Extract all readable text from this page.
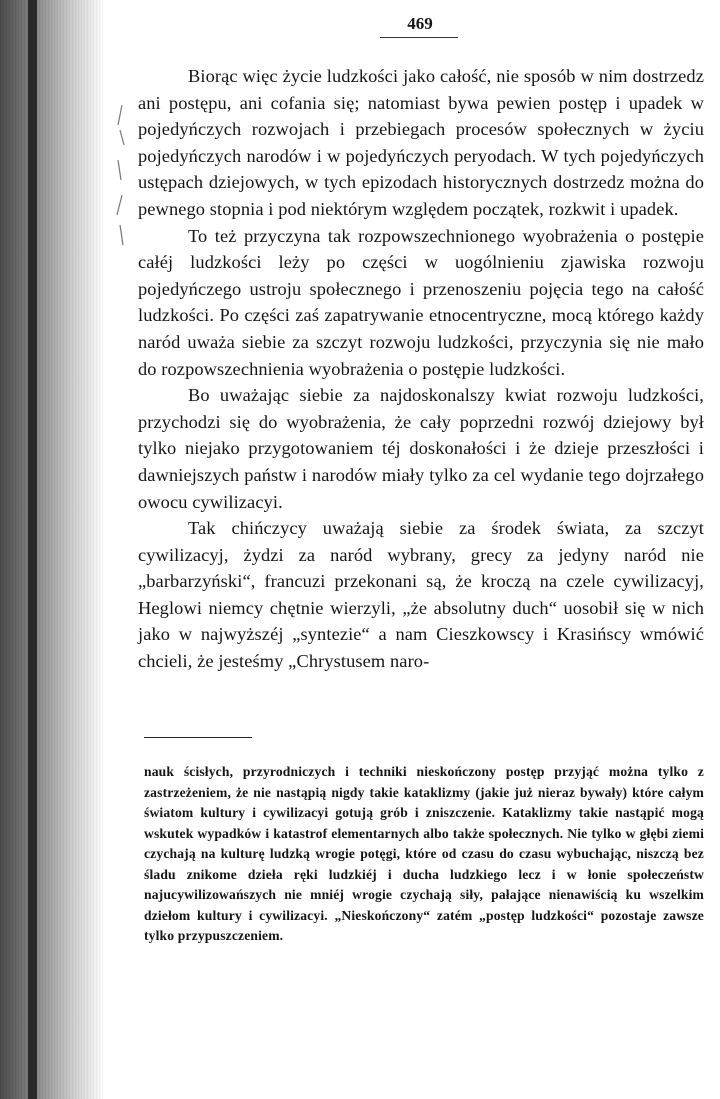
469

Biorąc więc życie ludzkości jako całość, nie sposób w nim dostrzedz ani postępu, ani cofania się; natomiast bywa pewien postęp i upadek w pojedyńczych rozwojach i przebiegach procesów społecznych w życiu pojedyńczych narodów i w pojedyńczych peryodach. W tych pojedyńczych ustępach dziejowych, w tych epizodach historycznych dostrzedz można do pewnego stopnia i pod niektórym względem początek, rozkwit i upadek.

To też przyczyna tak rozpowszechnionego wyobrażenia o postępie całéj ludzkości leży po części w uogólnieniu zjawiska rozwoju pojedyńczego ustroju społecznego i przenoszeniu pojęcia tego na całość ludzkości. Po części zaś zapatrywanie etnocentryczne, mocą którego każdy naród uważa siebie za szczyt rozwoju ludzkości, przyczynia się nie mało do rozpowszechnienia wyobrażenia o postępie ludzkości.

Bo uważając siebie za najdoskonalszy kwiat rozwoju ludzkości, przychodzi się do wyobrażenia, że cały poprzedni rozwój dziejowy był tylko niejako przygotowaniem téj doskonałości i że dzieje przeszłości i dawniejszych państw i narodów miały tylko za cel wydanie tego dojrzałego owocu cywilizacyi.

Tak chińczycy uważają siebie za środek świata, za szczyt cywilizacyj, żydzi za naród wybrany, grecy za jedyny naród nie „barbarzyński“, francuzi przekonani są, że kroczą na czele cywilizacyj, Heglowi niemcy chętnie wierzyli, „że absolutny duch“ uosobił się w nich jako w najwyższéj „syntezie“ a nam Cieszkowscy i Krasińscy wmówić chcieli, że jesteśmy „Chrystusem naro-

nauk ścisłych, przyrodniczych i techniki nieskończony postęp przyjąć można tylko z zastrzeżeniem, że nie nastąpią nigdy takie kataklizmy (jakie już nieraz bywały) które całym światom kultury i cywilizacyi gotują grób i zniszczenie. Kataklizmy takie nastąpić mogą wskutek wypadków i katastrof elementarnych albo także społecznych. Nie tylko w głębi ziemi czychają na kulturę ludzką wrogie potęgi, które od czasu do czasu wybuchając, niszczą bez śladu znikome dzieła ręki ludzkiéj i ducha ludzkiego lecz i w łonie społeczeństw najucywilizowańszych nie mniéj wrogie czychają siły, pałające nienawiścią ku wszelkim dziełom kultury i cywilizacyi. „Nieskończony“ zatém „postęp ludzkości“ pozostaje zawsze tylko przypuszczeniem.
